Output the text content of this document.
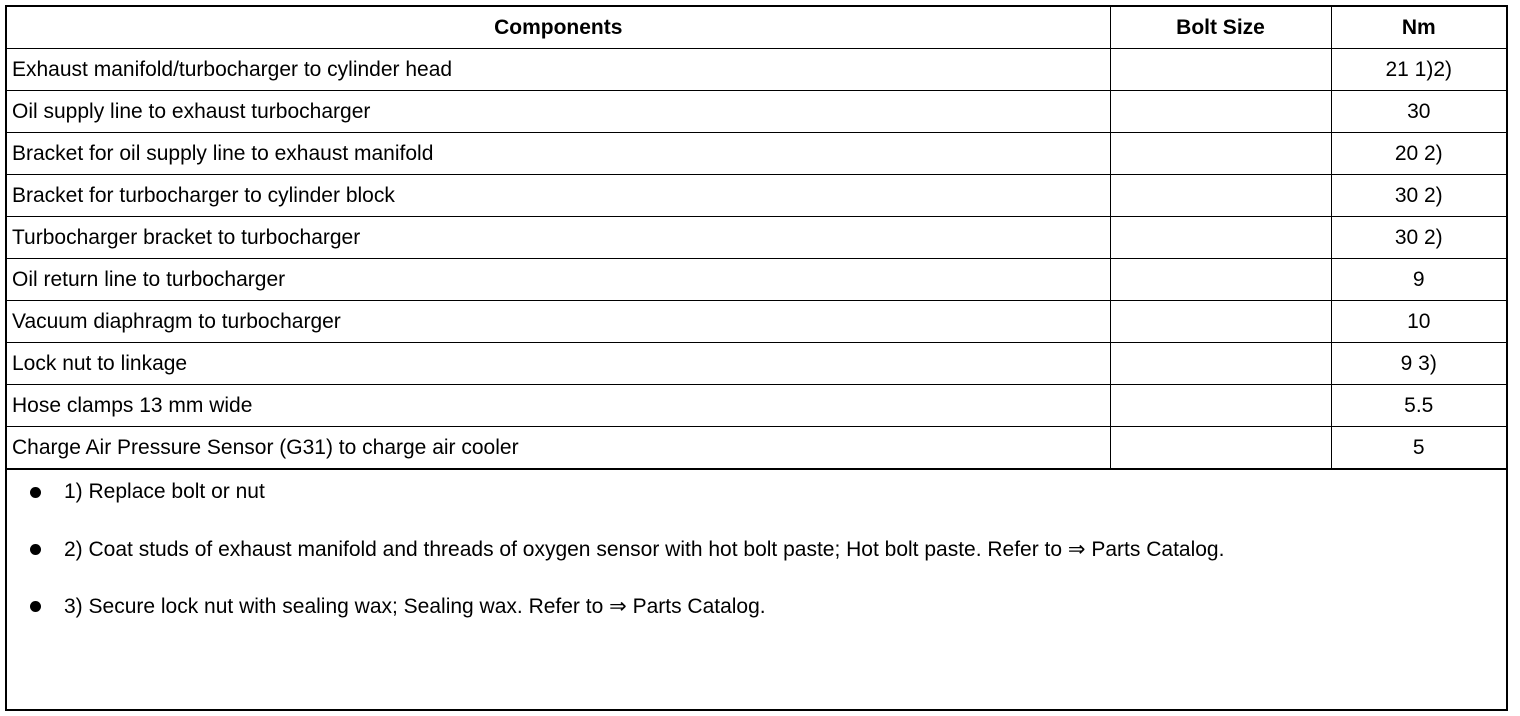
Components	Bolt Size	Nm
Exhaust manifold/turbocharger to cylinder head		21 1)2)
Oil supply line to exhaust turbocharger		30
Bracket for oil supply line to exhaust manifold		20 2)
Bracket for turbocharger to cylinder block		30 2)
Turbocharger bracket to turbocharger		30 2)
Oil return line to turbocharger		9
Vacuum diaphragm to turbocharger		10
Lock nut to linkage		9 3)
Hose clamps 13 mm wide		5.5
Charge Air Pressure Sensor (G31) to charge air cooler		5
1) Replace bolt or nut
2) Coat studs of exhaust manifold and threads of oxygen sensor with hot bolt paste; Hot bolt paste. Refer to ⇒ Parts Catalog.
3) Secure lock nut with sealing wax; Sealing wax. Refer to ⇒ Parts Catalog.
